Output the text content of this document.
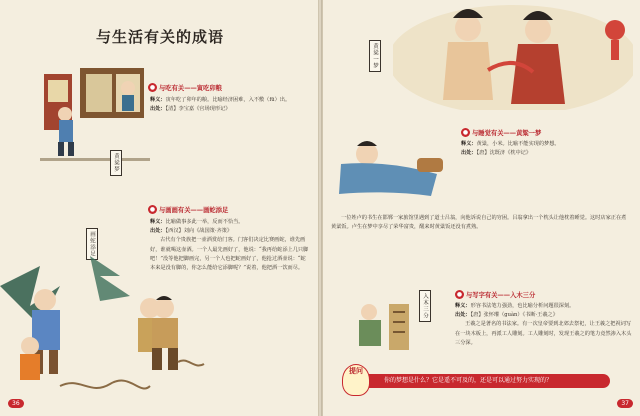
与生活有关的成语
黄粱梦
● 与吃有关——寅吃卯粮
释义：寅年吃了卯年的粮。比喻经济困难，入不敷（fū）出。
出处：【清】李宝嘉《官场现形记》
● 与画画有关——画蛇添足
画蛇添足
释义：比喻做事多此一举，反而不恰当。
出处：【西汉】刘向《战国策·齐策》
古代有个贵族把一壶酒赏给门客。门客们决定比赛画蛇，谁先画好，谁就喝这壶酒。一个人最先画好了，他说：“我再给蛇添上几只脚吧！”没等他把脚画完，另一个人也把蛇画好了，他抢过酒壶说：“蛇本来是没有脚的，你怎么能给它添脚呢？”说着，他把酒一饮而尽。
36
黄粱一梦
● 与睡觉有关——黄粱一梦
释义：黄粱，小米。比喻不能实现的梦想。
出处：【唐】沈既济《枕中记》
一位姓卢的书生在邯郸一家旅馆里遇到了道士吕翁，向他诉说自己的穷困。吕翁拿出一个枕头让他枕着睡觉。这时店家正在煮黄粱饭。卢生在梦中享尽了荣华富贵，醒来时黄粱饭还没有煮熟。
● 与写字有关——入木三分
入木三分	释义：形容书法笔力强劲，也比喻分析问题很深刻。
出处：【唐】张怀瓘（guàn）《书断·王羲之》
王羲之是著名的书法家。有一次皇帝要到北郊去祭祀，让王羲之把祝词写在一块木板上，再派工人雕刻。工人雕刻时，发现王羲之的笔力竟然渗入木头三分深。
37
你的梦想是什么？它是遥不可及的，还是可以通过努力实现的？
提问
